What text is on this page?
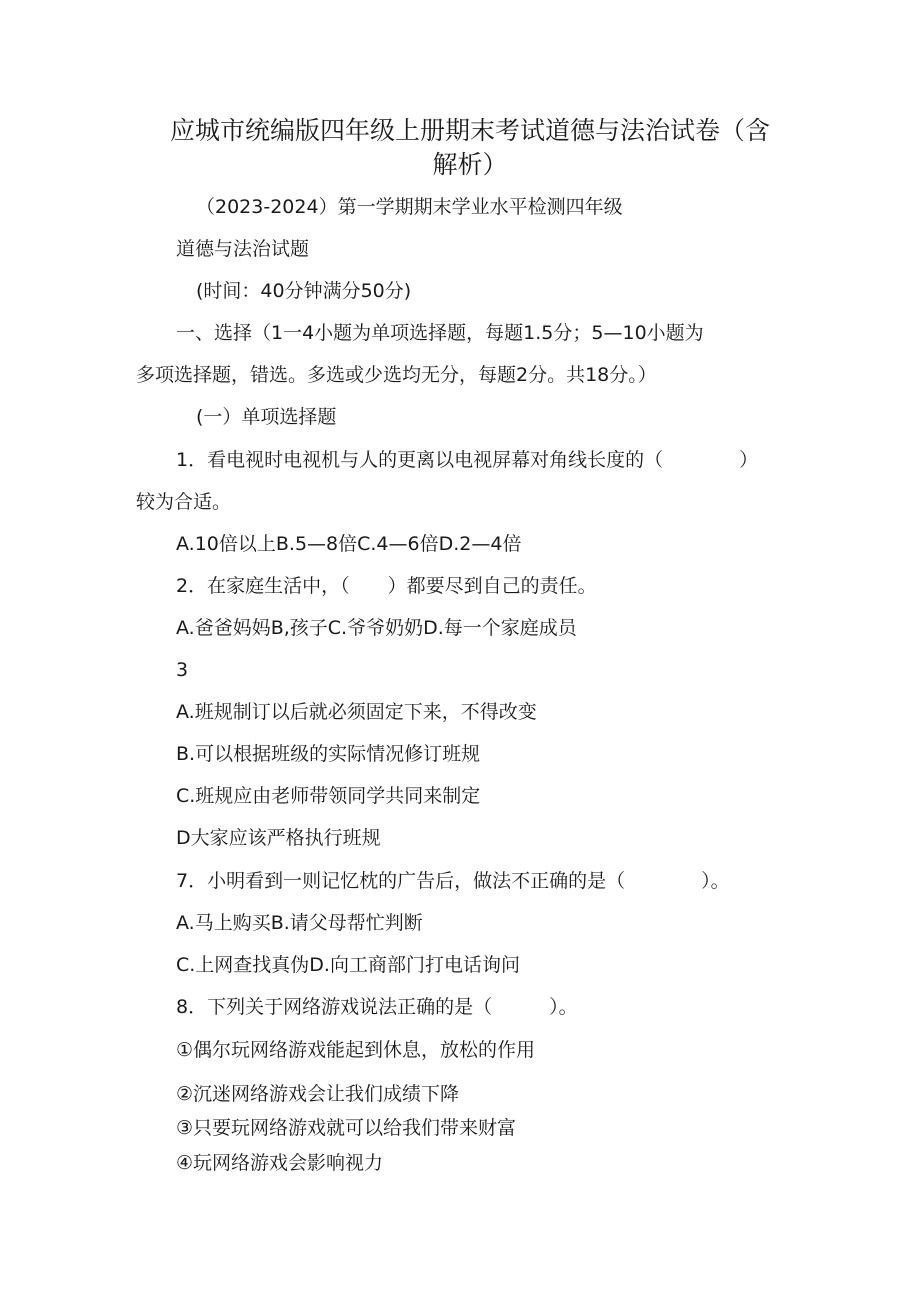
应城市统编版四年级上册期末考试道德与法治试卷（含
解析）
（2023-2024）第一学期期末学业水平检测四年级
道德与法治试题
(时间：40分钟满分50分)
一、选择（1一4小题为单项选择题，每题1.5分；5—10小题为
多项选择题，错选。多选或少选均无分，每题2分。共18分。）
(一）单项选择题
1．看电视时电视机与人的更离以电视屏幕对角线长度的（　　　　）
较为合适。
A.10倍以上B.5—8倍C.4—6倍D.2—4倍
2．在家庭生活中，（　　）都要尽到自己的责任。
A.爸爸妈妈B,孩子C.爷爷奶奶D.每一个家庭成员
3
A.班规制订以后就必须固定下来，不得改变
B.可以根据班级的实际情况修订班规
C.班规应由老师带领同学共同来制定
D大家应该严格执行班规
7．小明看到一则记忆枕的广告后，做法不正确的是（　　　　）。
A.马上购买B.请父母帮忙判断
C.上网查找真伪D.向工商部门打电话询问
8．下列关于网络游戏说法正确的是（　　　）。
①偶尔玩网络游戏能起到休息，放松的作用
②沉迷网络游戏会让我们成绩下降
③只要玩网络游戏就可以给我们带来财富
④玩网络游戏会影响视力
